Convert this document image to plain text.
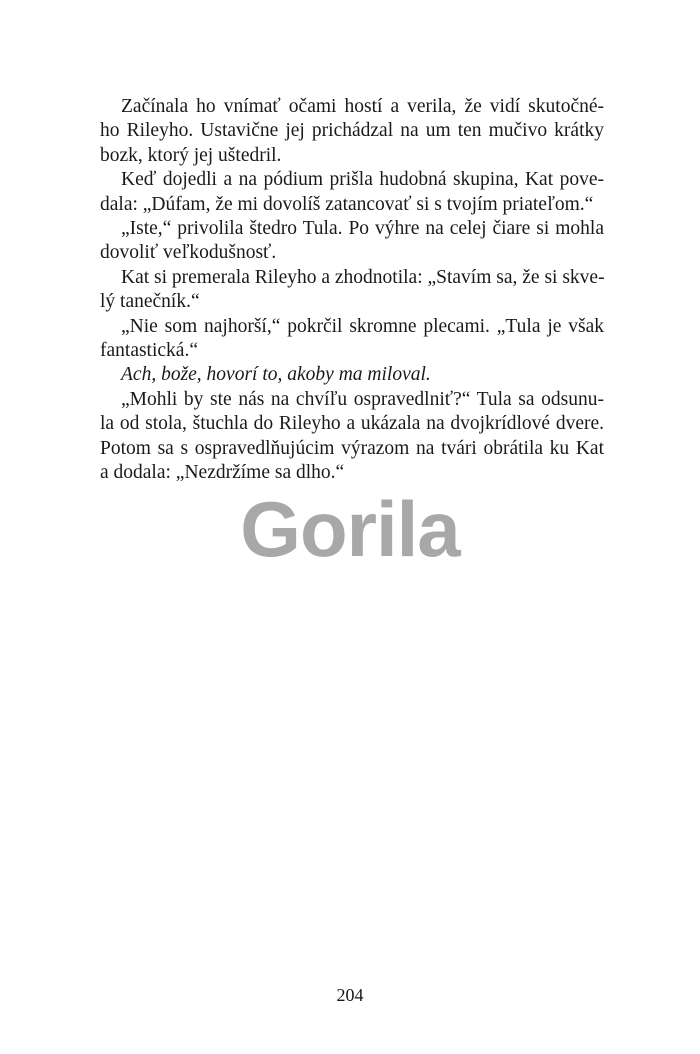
Začínala ho vnímať očami hostí a verila, že vidí skutočné-
ho Rileyho. Ustavične jej prichádzal na um ten mučivo krátky
bozk, ktorý jej uštedril.
Keď dojedli a na pódium prišla hudobná skupina, Kat pove-
dala: „Dúfam, že mi dovolíš zatancovať si s tvojím priateľom.“
„Iste,“ privolila štedro Tula. Po výhre na celej čiare si mohla
dovoliť veľkodušnosť.
Kat si premerala Rileyho a zhodnotila: „Stavím sa, že si skve-
lý tanečník.“
„Nie som najhorší,“ pokrčil skromne plecami. „Tula je však
fantastická.“
Ach, bože, hovorí to, akoby ma miloval.
„Mohli by ste nás na chvíľu ospravedlniť?“ Tula sa odsunu-
la od stola, štuchla do Rileyho a ukázala na dvojkrídlové dvere.
Potom sa s ospravedlňujúcim výrazom na tvári obrátila ku Kat
a dodala: „Nezdržíme sa dlho.“
Gorila
204
